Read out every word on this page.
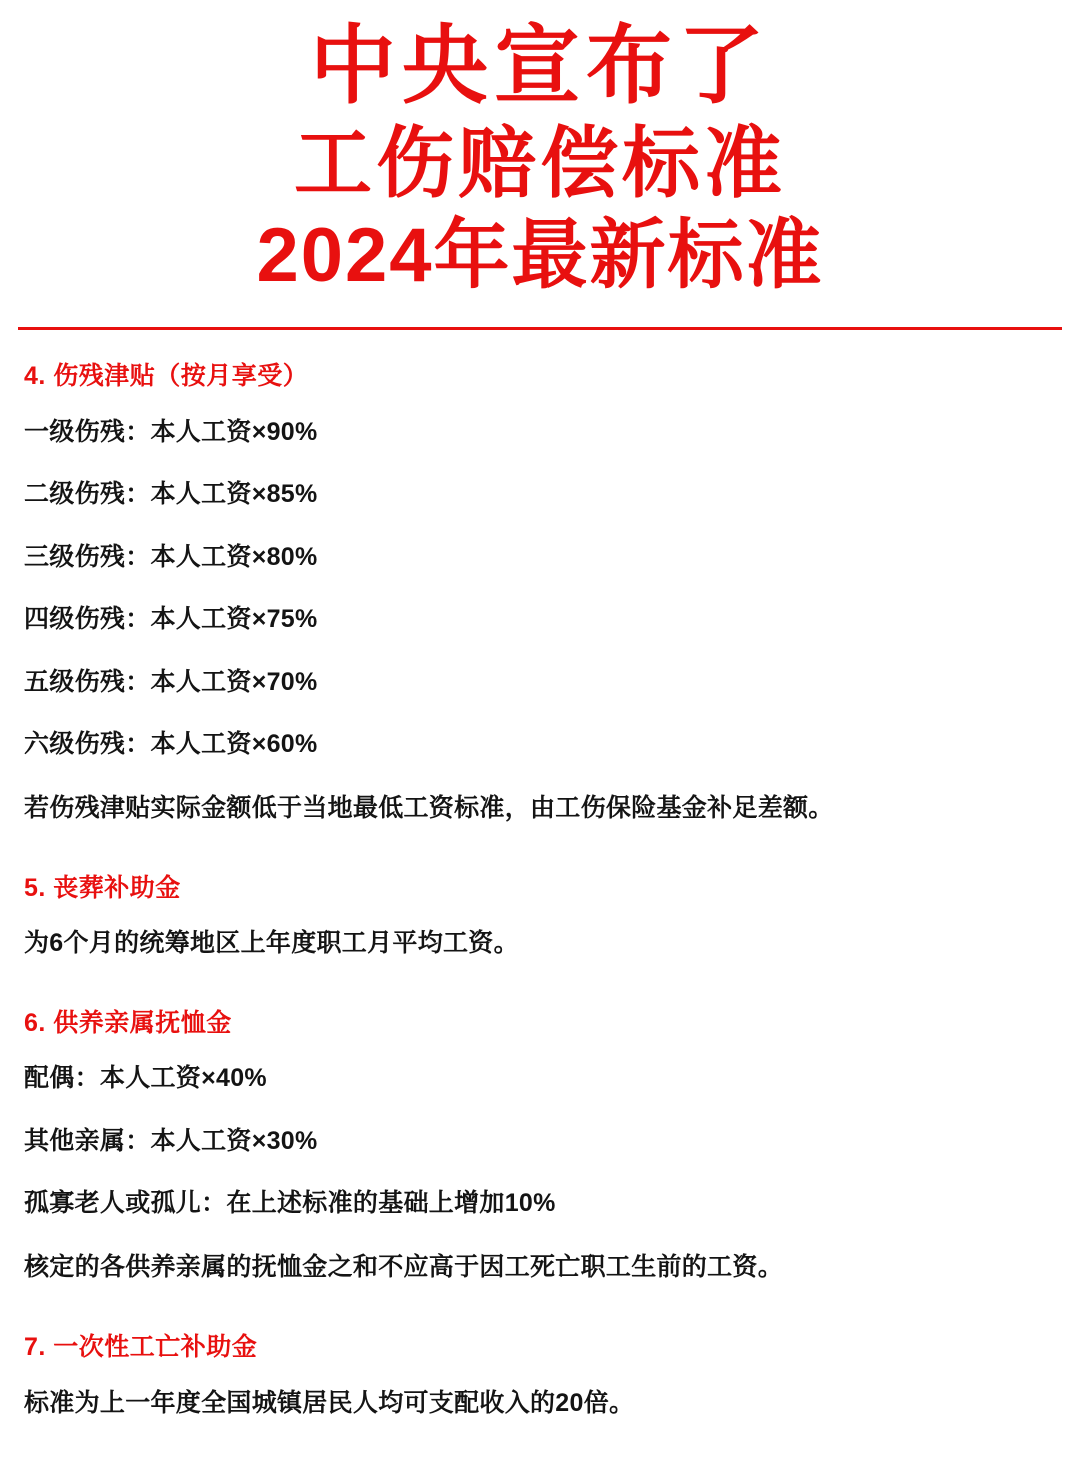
中央宣布了
工伤赔偿标准
2024年最新标准
4. 伤残津贴（按月享受）

一级伤残：本人工资×90%

二级伤残：本人工资×85%

三级伤残：本人工资×80%

四级伤残：本人工资×75%

五级伤残：本人工资×70%

六级伤残：本人工资×60%

若伤残津贴实际金额低于当地最低工资标准，由工伤保险基金补足差额。

5. 丧葬补助金

为6个月的统筹地区上年度职工月平均工资。

6. 供养亲属抚恤金

配偶：本人工资×40%

其他亲属：本人工资×30%

孤寡老人或孤儿：在上述标准的基础上增加10%

核定的各供养亲属的抚恤金之和不应高于因工死亡职工生前的工资。

7. 一次性工亡补助金

标准为上一年度全国城镇居民人均可支配收入的20倍。
